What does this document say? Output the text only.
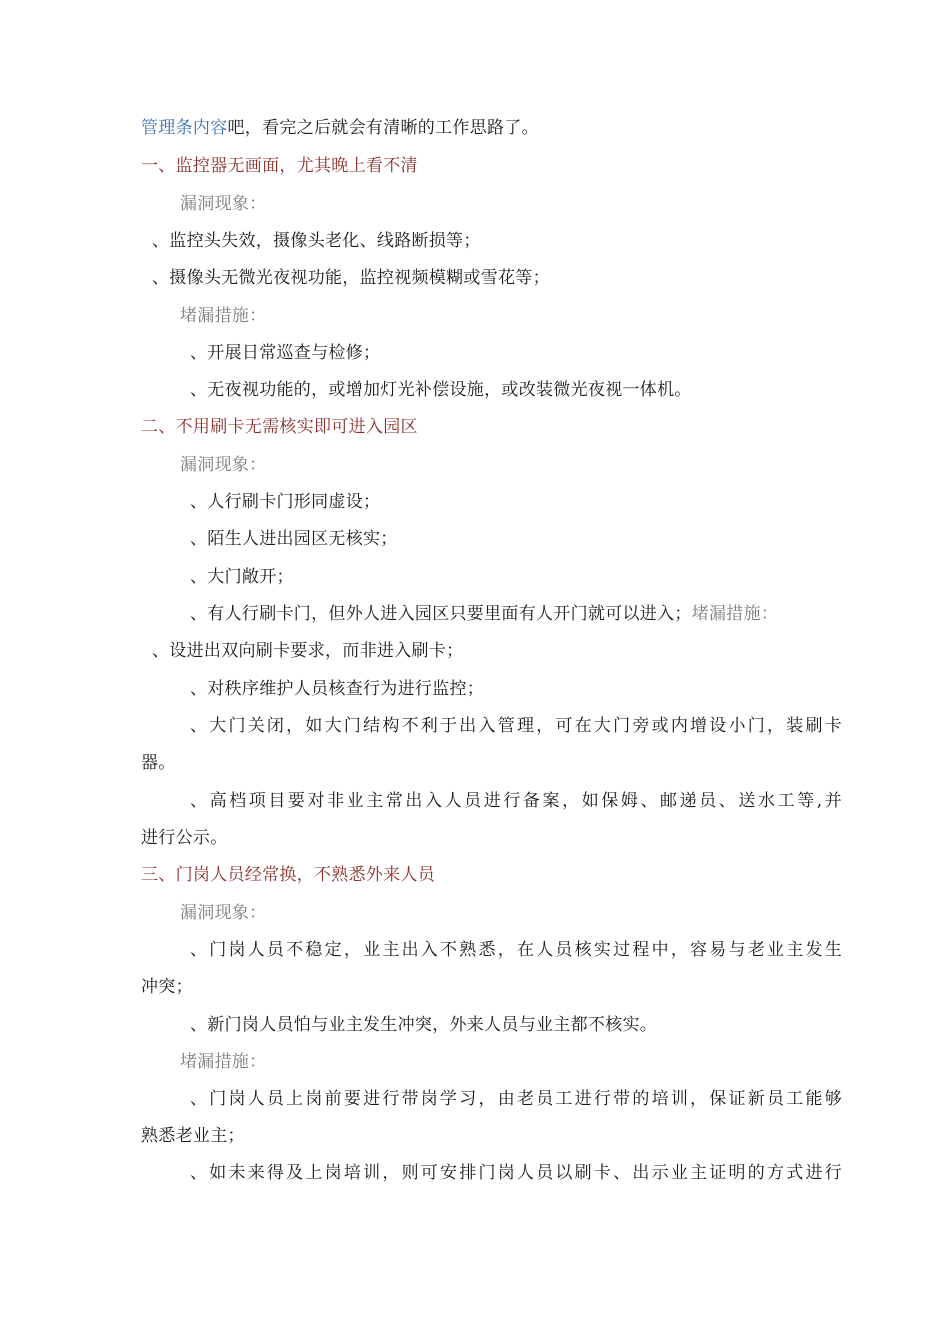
管理条内容吧，看完之后就会有清晰的工作思路了。
一、监控器无画面，尤其晚上看不清
漏洞现象：
、监控头失效，摄像头老化、线路断损等；
、摄像头无微光夜视功能，监控视频模糊或雪花等；
堵漏措施：
、开展日常巡查与检修；
、无夜视功能的，或增加灯光补偿设施，或改装微光夜视一体机。
二、不用刷卡无需核实即可进入园区
漏洞现象：
、人行刷卡门形同虚设；
、陌生人进出园区无核实；
、大门敞开；
、有人行刷卡门，但外人进入园区只要里面有人开门就可以进入；堵漏措施：
、设进出双向刷卡要求，而非进入刷卡；
、对秩序维护人员核查行为进行监控；
、大门关闭，如大门结构不利于出入管理，可在大门旁或内增设小门，装刷卡
器。
、高档项目要对非业主常出入人员进行备案，如保姆、邮递员、送水工等,并
进行公示。
三、门岗人员经常换，不熟悉外来人员
漏洞现象：
、门岗人员不稳定，业主出入不熟悉，在人员核实过程中，容易与老业主发生
冲突；
、新门岗人员怕与业主发生冲突，外来人员与业主都不核实。
堵漏措施：
、门岗人员上岗前要进行带岗学习，由老员工进行带的培训，保证新员工能够
熟悉老业主；
、如未来得及上岗培训，则可安排门岗人员以刷卡、出示业主证明的方式进行
